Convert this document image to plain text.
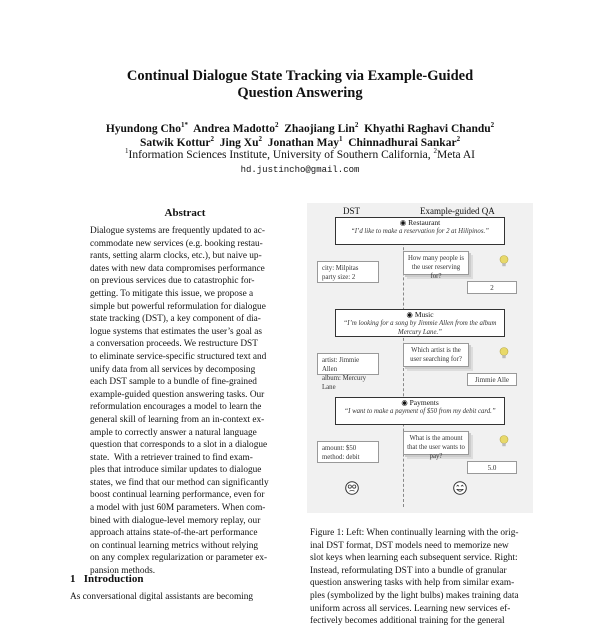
Continual Dialogue State Tracking via Example-Guided
Question Answering
Hyundong Cho$^{1*}$ Andrea Madotto$^2$ Zhaojiang Lin$^2$ Khyathi Raghavi Chandu$^2$
Satwik Kottur$^2$ Jing Xu$^2$ Jonathan May$^1$ Chinnadhurai Sankar$^2$
$^1$Information Sciences Institute, University of Southern California, $^2$Meta AI
hd.justincho@gmail.com
Abstract
Dialogue systems are frequently updated to ac-
commodate new services (e.g. booking restau-
rants, setting alarm clocks, etc.), but naive up-
dates with new data compromises performance
on previous services due to catastrophic for-
getting. To mitigate this issue, we propose a
simple but powerful reformulation for dialogue
state tracking (DST), a key component of dia-
logue systems that estimates the user’s goal as
a conversation proceeds. We restructure DST
to eliminate service-specific structured text and
unify data from all services by decomposing
each DST sample to a bundle of fine-grained
example-guided question answering tasks. Our
reformulation encourages a model to learn the
general skill of learning from an in-context ex-
ample to correctly answer a natural language
question that corresponds to a slot in a dialogue
state.  With a retriever trained to find exam-
ples that introduce similar updates to dialogue
states, we find that our method can significantly
boost continual learning performance, even for
a model with just 60M parameters. When com-
bined with dialogue-level memory replay, our
approach attains state-of-the-art performance
on continual learning metrics without relying
on any complex regularization or parameter ex-
pansion methods.
1 Introduction
As conversational digital assistants are becoming
DST	Example-guided QA
◉ Restaurant
“I’d like to make a reservation for 2 at Hilipinos.”
city: Milpitas
party size: 2
How many people is the user reserving for?
2
◉ Music
“I’m looking for a song by Jimmie Allen from the album Mercury Lane.”
artist: Jimmie Allen
album: Mercury Lane
Which artist is the user searching for?
Jimmie Alle
◉ Payments
“I want to make a payment of $50 from my debit card.”
amount: $50
method: debit
What is the amount that the user wants to pay?
5.0
Figure 1: Left: When continually learning with the orig-
inal DST format, DST models need to memorize new
slot keys when learning each subsequent service. Right:
Instead, reformulating DST into a bundle of granular
question answering tasks with help from similar exam-
ples (symbolized by the light bulbs) makes training data
uniform across all services. Learning new services ef-
fectively becomes additional training for the general
